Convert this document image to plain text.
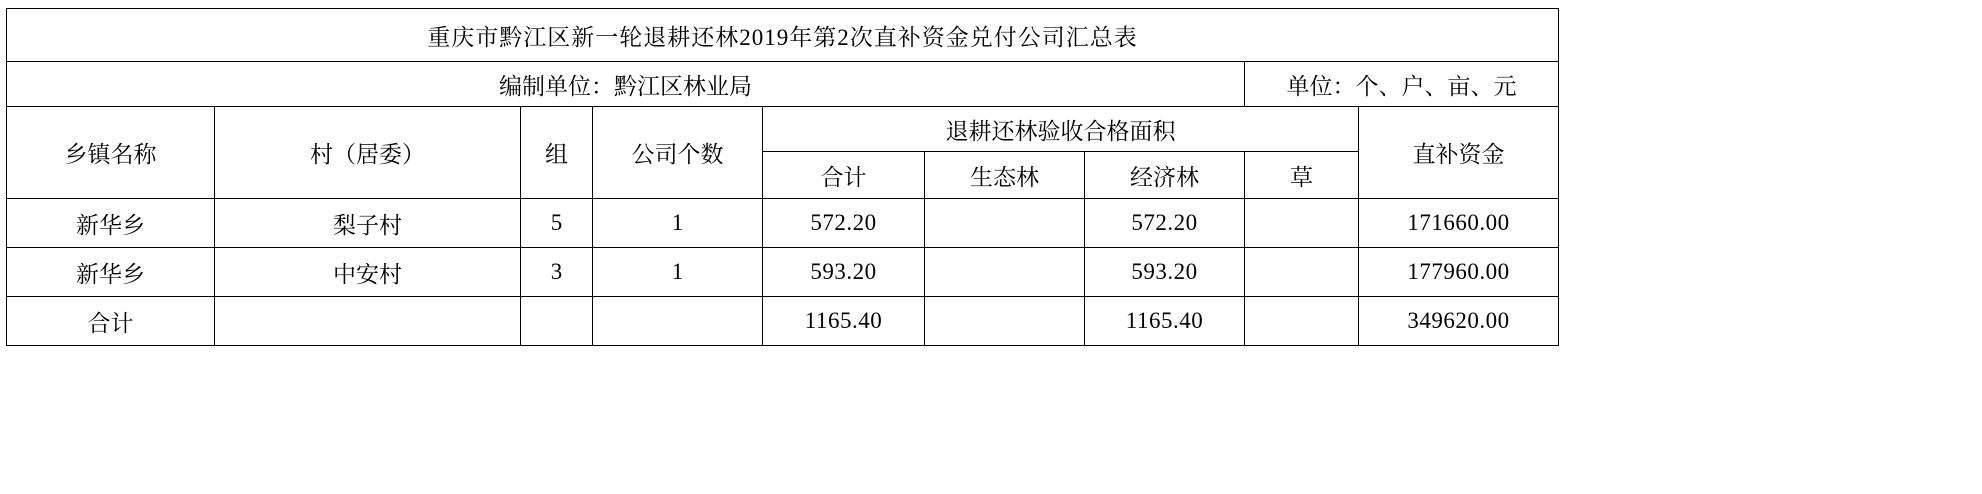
重庆市黔江区新一轮退耕还林2019年第2次直补资金兑付公司汇总表								
编制单位：黔江区林业局							单位：个、户、亩、元	
乡镇名称	村（居委）	组	公司个数	退耕还林验收合格面积				直补资金
				合计	生态林	经济林	草	
新华乡	梨子村	5	1	572.20		572.20		171660.00
新华乡	中安村	3	1	593.20		593.20		177960.00
合计				1165.40		1165.40		349620.00
